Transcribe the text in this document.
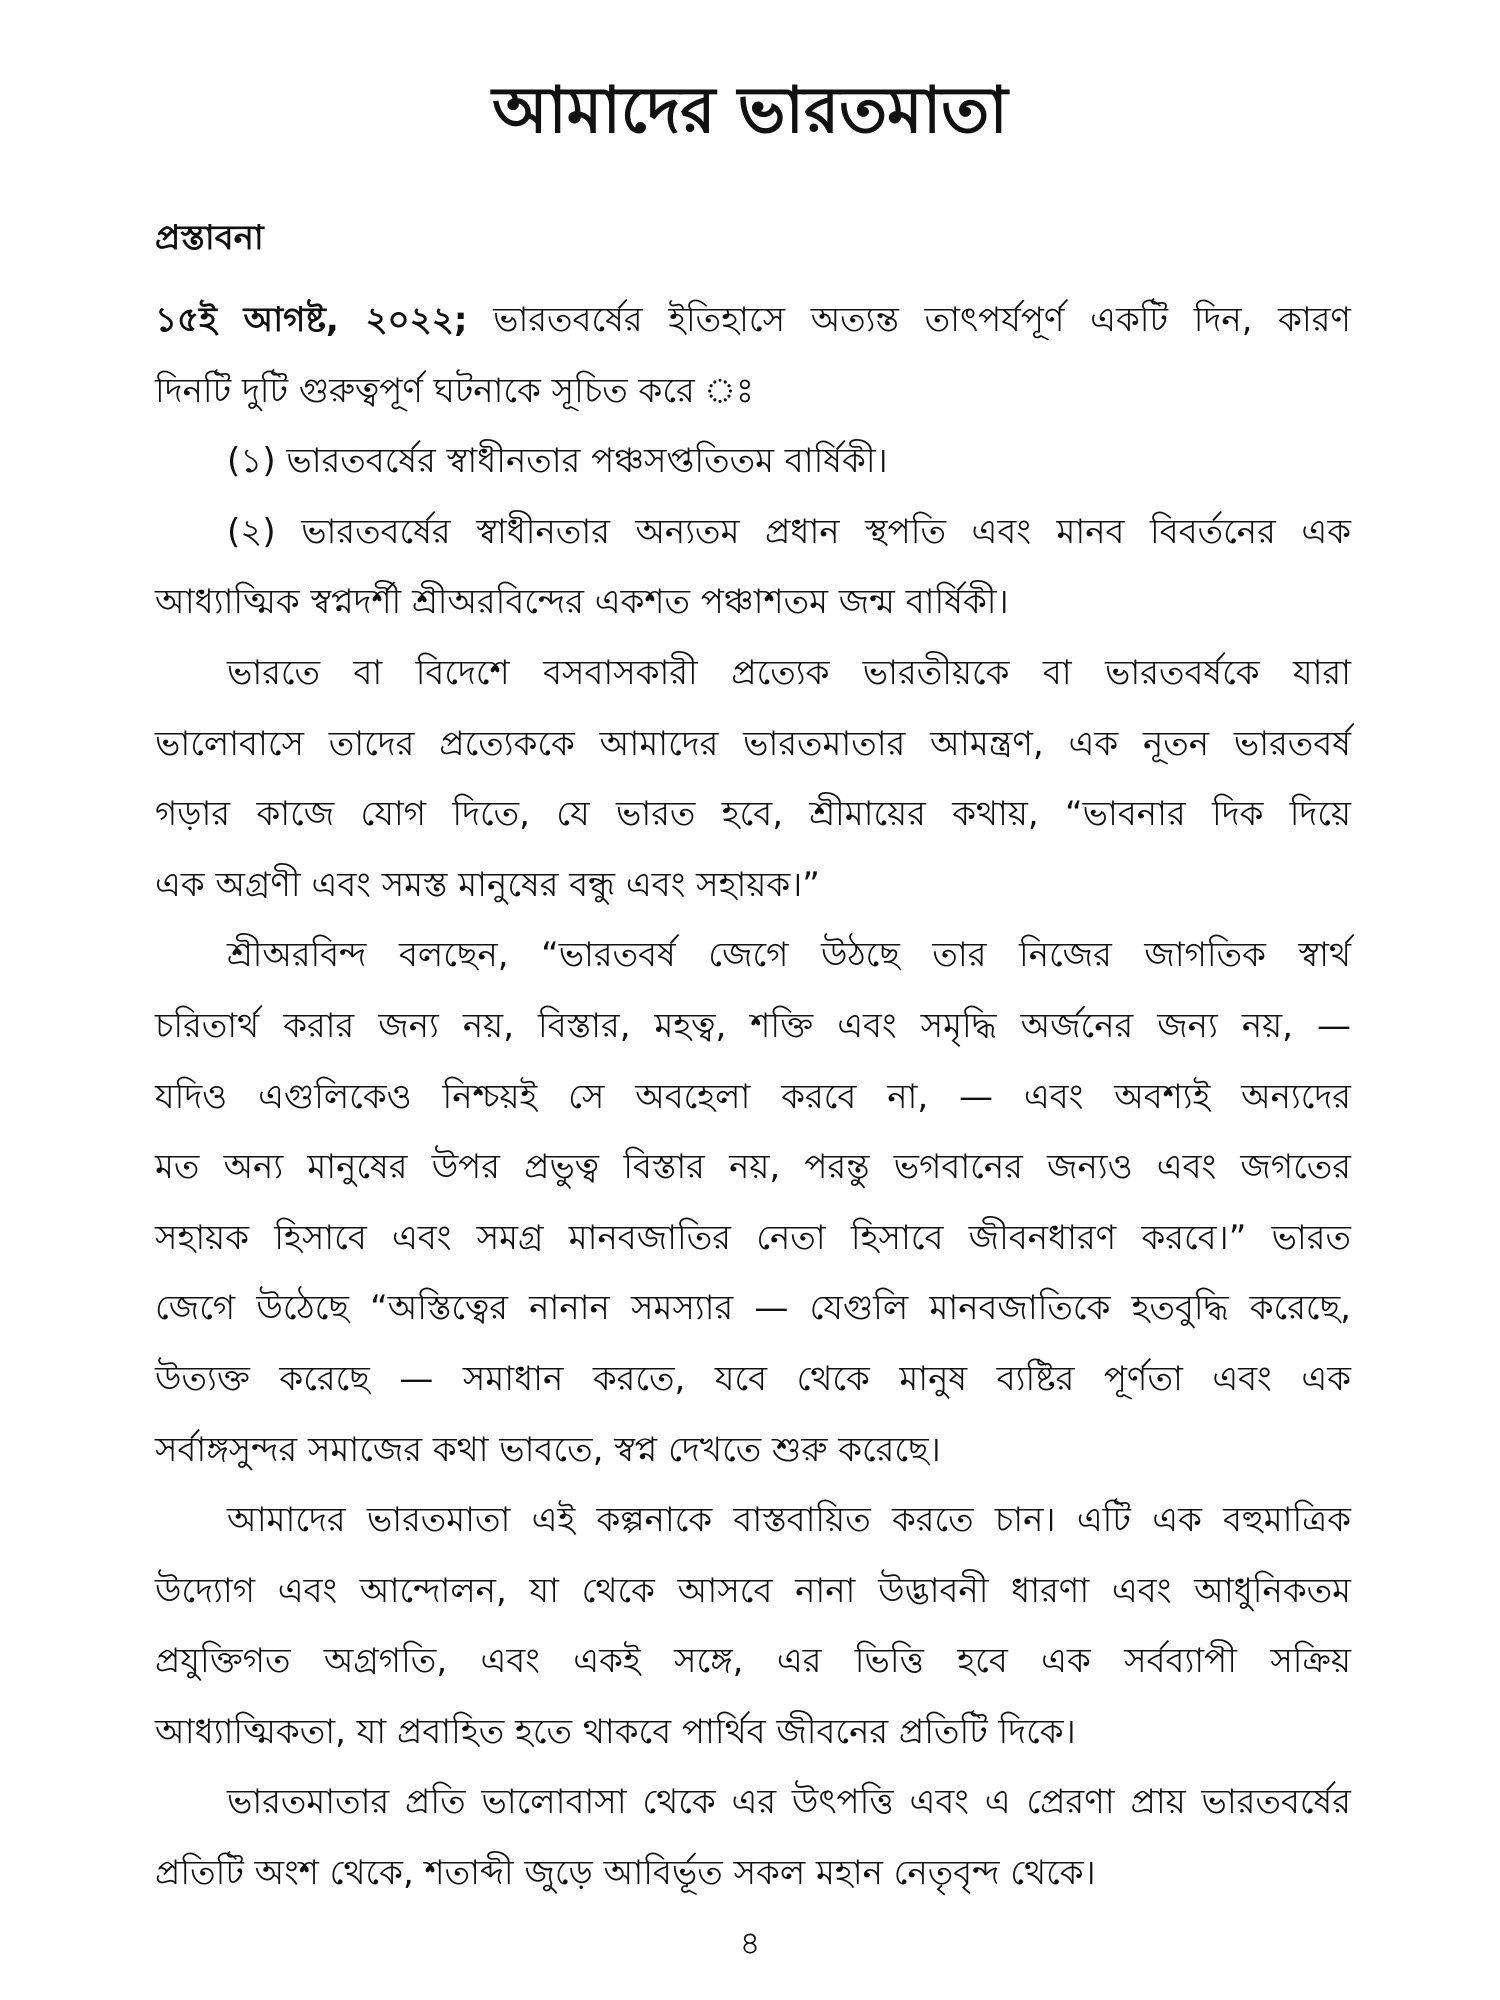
আমাদের ভারতমাতা
প্রস্তাবনা
১৫ই আগষ্ট, ২০২২; ভারতবর্ষের ইতিহাসে অত্যন্ত তাৎপর্যপূর্ণ একটি দিন, কারণ
দিনটি দুটি গুরুত্বপূর্ণ ঘটনাকে সূচিত করে ঃ
(১) ভারতবর্ষের স্বাধীনতার পঞ্চসপ্ততিতম বার্ষিকী।
(২) ভারতবর্ষের স্বাধীনতার অন্যতম প্রধান স্থপতি এবং মানব বিবর্তনের এক
আধ্যাত্মিক স্বপ্নদর্শী শ্রীঅরবিন্দের একশত পঞ্চাশতম জন্ম বার্ষিকী।
ভারতে বা বিদেশে বসবাসকারী প্রত্যেক ভারতীয়কে বা ভারতবর্ষকে যারা
ভালোবাসে তাদের প্রত্যেককে আমাদের ভারতমাতার আমন্ত্রণ, এক নূতন ভারতবর্ষ
গড়ার কাজে যোগ দিতে, যে ভারত হবে, শ্রীমায়ের কথায়, “ভাবনার দিক দিয়ে
এক অগ্রণী এবং সমস্ত মানুষের বন্ধু এবং সহায়ক।”
শ্রীঅরবিন্দ বলছেন, “ভারতবর্ষ জেগে উঠছে তার নিজের জাগতিক স্বার্থ
চরিতার্থ করার জন্য নয়, বিস্তার, মহত্ব, শক্তি এবং সমৃদ্ধি অর্জনের জন্য নয়, —
যদিও এগুলিকেও নিশ্চয়ই সে অবহেলা করবে না, — এবং অবশ্যই অন্যদের
মত অন্য মানুষের উপর প্রভুত্ব বিস্তার নয়, পরন্তু ভগবানের জন্যও এবং জগতের
সহায়ক হিসাবে এবং সমগ্র মানবজাতির নেতা হিসাবে জীবনধারণ করবে।” ভারত
জেগে উঠেছে “অস্তিত্বের নানান সমস্যার — যেগুলি মানবজাতিকে হতবুদ্ধি করেছে,
উত্যক্ত করেছে — সমাধান করতে, যবে থেকে মানুষ ব্যষ্টির পূর্ণতা এবং এক
সর্বাঙ্গসুন্দর সমাজের কথা ভাবতে, স্বপ্ন দেখতে শুরু করেছে।
আমাদের ভারতমাতা এই কল্পনাকে বাস্তবায়িত করতে চান। এটি এক বহুমাত্রিক
উদ্যোগ এবং আন্দোলন, যা থেকে আসবে নানা উদ্ভাবনী ধারণা এবং আধুনিকতম
প্রযুক্তিগত অগ্রগতি, এবং একই সঙ্গে, এর ভিত্তি হবে এক সর্বব্যাপী সক্রিয়
আধ্যাত্মিকতা, যা প্রবাহিত হতে থাকবে পার্থিব জীবনের প্রতিটি দিকে।
ভারতমাতার প্রতি ভালোবাসা থেকে এর উৎপত্তি এবং এ প্রেরণা প্রায় ভারতবর্ষের
প্রতিটি অংশ থেকে, শতাব্দী জুড়ে আবির্ভূত সকল মহান নেতৃবৃন্দ থেকে।
৪
